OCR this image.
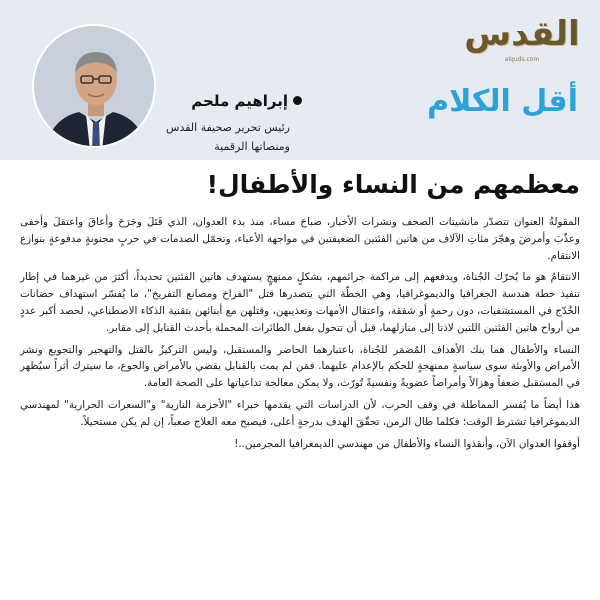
القدس
alquds.com
أقل الكلام
إبراهيم ملحم
رئيس تحرير صحيفة القدس
ومنصاتها الرقمية
معظمهم من النساء والأطفال!

المقولةُ العنوان تتصدّر مانشيتات الصحف ونشرات الأخبار، صباحَ مساء، منذ بدء العدوان، الذي قَتَلَ وجَرَحَ وأعاقَ واعتقلَ وأخفى وعذّبَ وأمرضَ وهجّرَ مئاتِ الآلاف من هاتين الفئتين الضعيفتين في مواجهة الأعباء، وتحمّل الصدمات في حربٍ مجنونةٍ مدفوعةٍ بنوازع الانتقام.

الانتقامُ هو ما يُحرّك الجُناة، ويدفعهم إلى مراكمة جرائمهم، بشكلٍ ممنهجٍ يستهدف هاتين الفئتين تحديداً، أكثرَ من غيرهما في إطار تنفيذ خطة هندسة الجغرافيا والديموغرافيا، وهي الخطّة التي يتصدرها قتل "الفراخ ومصانع التفريخ"، ما يُفسّر استهداف حضانات الخُدّج في المستشفيات، دون رحمةٍ أو شفقة، واعتقال الأمهات وتعذيبهن، وقتلهن مع أبنائهن بتقنية الذكاء الاصطناعي، لحصد أكبر عددٍ من أرواح هاتين الفئتين اللتين لاذتا إلى منازلهما، قبل أن تتحول بفعل الطائرات المحملة بأحدث القنابل إلى مقابر.

النساء والأطفال هما بنك الأهداف المُضمَر للجُناة، باعتبارهما الحاضر والمستقبل، وليس التركيزُ بالقتل والتهجير والتجويع ونشر الأمراض والأوبئة سوى سياسةٍ ممنهجةٍ للحكم بالإعدام عليهما. فمَن لم يمت بالقنابل يقضي بالأمراض والجوع، ما سيترك أثراً سيُظهر في المستقبل ضعفاً وهزالاً وأمراضاً عضويةً ونفسيةً تُورّث، ولا يمكن معالجة تداعياتها على الصحة العامة.

هذا أيضاً ما يُفسر المماطلة في وقف الحرب، لأن الدراسات التي يقدمها خبراء "الأحزمة النارية" و"السعرات الحرارية" لمهندسي الديموغرافيا تشترط الوقت؛ فكلما طال الزمن، تحقّقَ الهدف بدرجةٍ أعلى، فيصبح معه العلاج صعباً، إن لم يكن مستحيلاً.

أوقفوا العدوان الآن، وأنقذوا النساء والأطفال من مهندسي الديمغرافيا المجرمين..!
